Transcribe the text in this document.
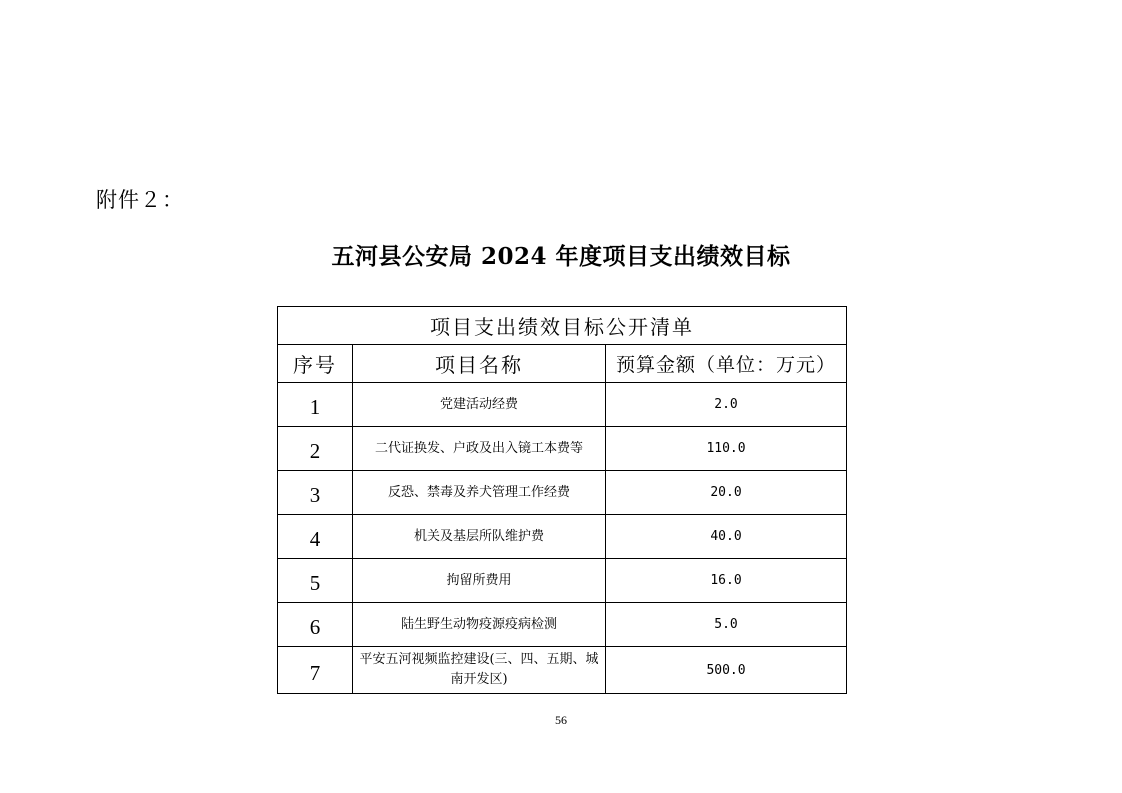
附件２：
五河县公安局 2024 年度项目支出绩效目标
项目支出绩效目标公开清单		
序号	项目名称	预算金额（单位：万元）
1	党建活动经费	2.0
2	二代证换发、户政及出入镜工本费等	110.0
3	反恐、禁毒及养犬管理工作经费	20.0
4	机关及基层所队维护费	40.0
5	拘留所费用	16.0
6	陆生野生动物疫源疫病检测	5.0
7	平安五河视频监控建设(三、四、五期、城南开发区)	500.0
56
